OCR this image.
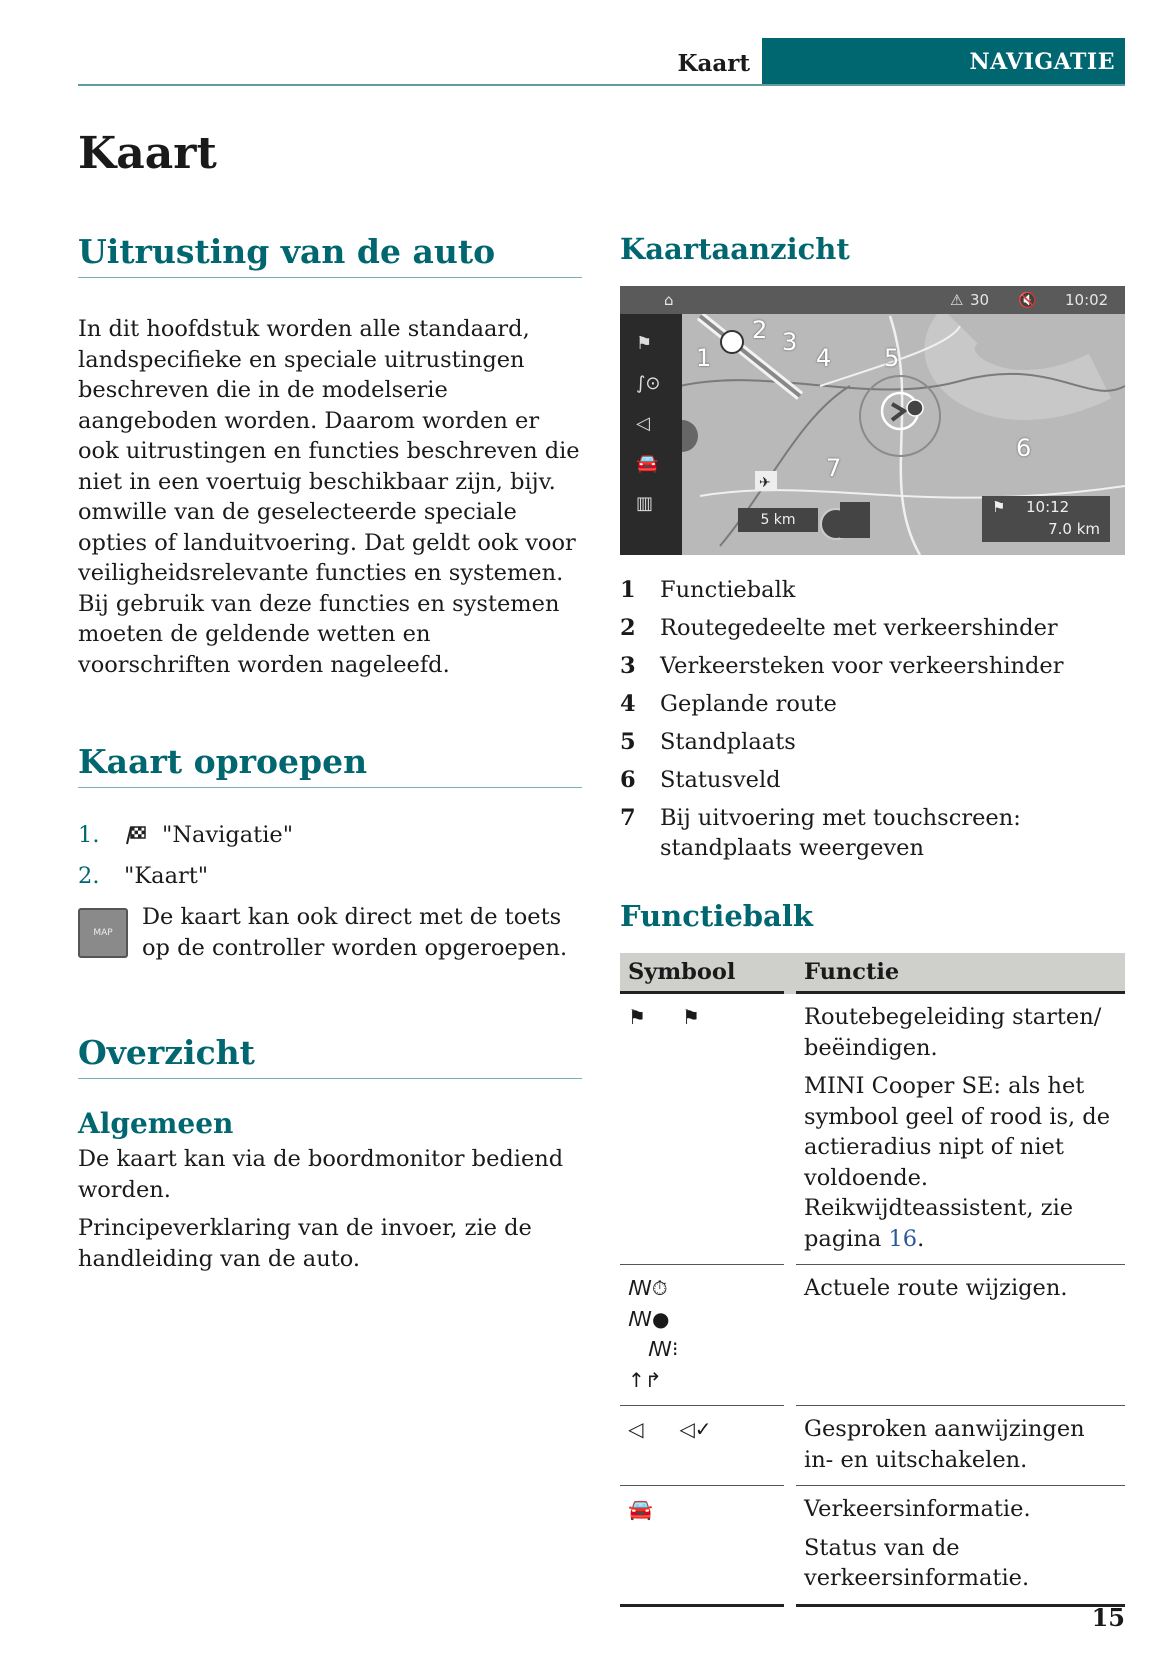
Kaart	NAVIGATIE
Kaart
Uitrusting van de auto

In dit hoofdstuk worden alle standaard, landspecifieke en speciale uitrustingen beschreven die in de modelserie aangeboden worden. Daarom worden er ook uitrustingen en functies beschreven die niet in een voertuig beschikbaar zijn, bijv. omwille van de geselecteerde speciale opties of landuitvoering. Dat geldt ook voor veiligheidsrelevante functies en systemen. Bij gebruik van deze functies en systemen moeten de geldende wetten en voorschriften worden nageleefd.

Kaart oproepen
1.	"Navigatie"
2.	"Kaart"
MAP

De kaart kan ook direct met de toets op de controller worden opgeroepen.

Overzicht
Algemeen

De kaart kan via de boordmonitor bediend worden.

Principeverklaring van de invoer, zie de handleiding van de auto.

Kaartaanzicht
✈
⌂	⚠ 30 🔇 10:02
⚑
∫⊙
◁
🚘
▥
1
2 3
4 5
6
7
5 km
⚑ 10:12
7.0 km
1	Functiebalk
2	Routegedeelte met verkeershinder
3	Verkeersteken voor verkeershinder
4	Geplande route
5	Standplaats
6	Statusveld
7	Bij uitvoering met touchscreen: standplaats weergeven
Functiebalk
Symbool	Functie
⚑ ⚑	Routebegeleiding starten/ beëindigen.
MINI Cooper SE: als het symbool geel of rood is, de actieradius nipt of niet voldoende. Reikwijdteassistent, zie pagina 16.

ꟿ⏱ꟿ●
ꟿ⁝↑↱	Actuele route wijzigen.
◁ ◁✓	Gesproken aanwijzingen in- en uitschakelen.
🚘	Verkeersinformatie.
Status van de verkeersinformatie.
15
